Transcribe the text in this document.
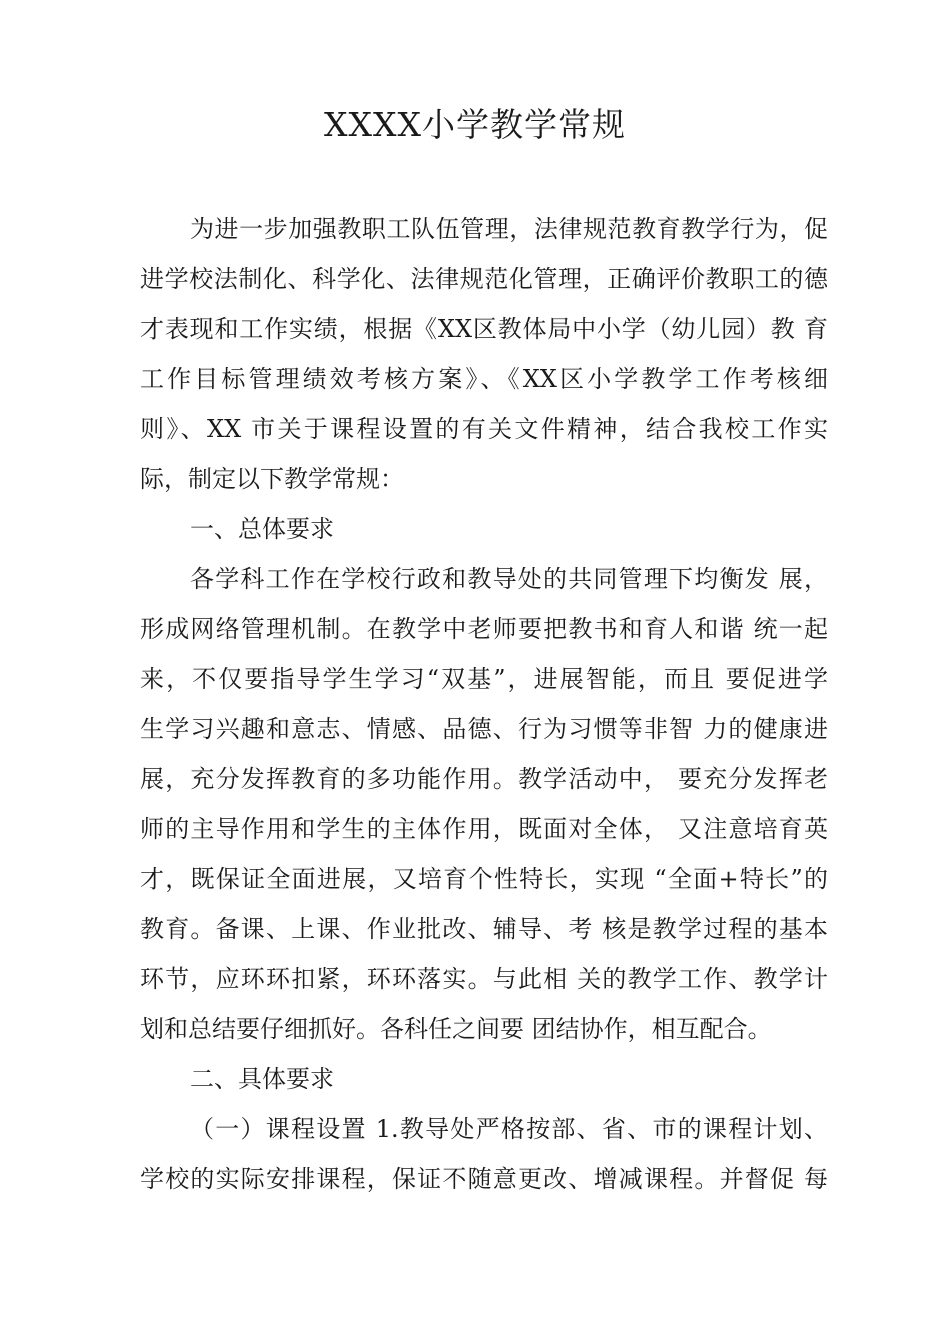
XXXX小学教学常规
为进一步加强教职工队伍管理，法律规范教育教学行为，促
进学校法制化、科学化、法律规范化管理，正确评价教职工的德
才表现和工作实绩，根据《XX区教体局中小学（幼儿园）教 育
工作目标管理绩效考核方案》、《XX区小学教学工作考核细
则》、XX 市关于课程设置的有关文件精神，结合我校工作实
际，制定以下教学常规：
一、总体要求
各学科工作在学校行政和教导处的共同管理下均衡发 展，
形成网络管理机制。在教学中老师要把教书和育人和谐 统一起
来，不仅要指导学生学习“双基”，进展智能，而且 要促进学
生学习兴趣和意志、情感、品德、行为习惯等非智 力的健康进
展，充分发挥教育的多功能作用。教学活动中， 要充分发挥老
师的主导作用和学生的主体作用，既面对全体， 又注意培育英
才，既保证全面进展，又培育个性特长，实现 “全面+特长”的
教育。备课、上课、作业批改、辅导、考 核是教学过程的基本
环节，应环环扣紧，环环落实。与此相 关的教学工作、教学计
划和总结要仔细抓好。各科任之间要 团结协作，相互配合。
二、具体要求
（一）课程设置 1.教导处严格按部、省、市的课程计划、
学校的实际安排课程，保证不随意更改、增减课程。并督促 每
